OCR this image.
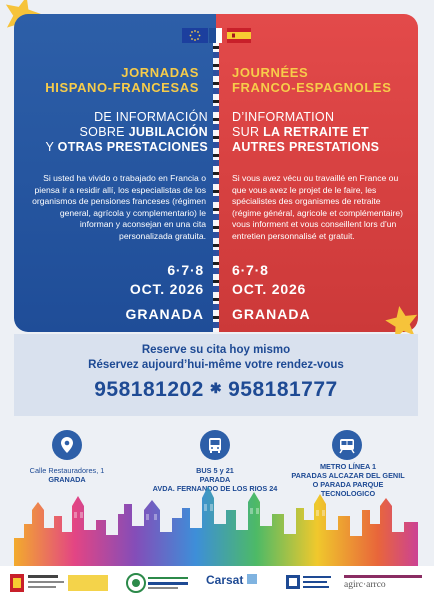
JORNADAS
HISPANO-FRANCESAS
JOURNÉES
FRANCO-ESPAGNOLES
DE INFORMACIÓN
SOBRE JUBILACIÓN
Y OTRAS PRESTACIONES
D’INFORMATION
SUR LA RETRAITE ET
AUTRES PRESTATIONS
Si usted ha vivido o trabajado en Francia o piensa ir a residir allí, los especialistas de los organismos de pensiones franceses (régimen general, agrícola y complementario) le informan y aconsejan en una cita personalizada gratuita.
Si vous avez vécu ou travaillé en France ou que vous avez le projet de le faire, les spécialistes des organismes de retraite (régime général, agricole et complémentaire) vous informent et vous conseillent lors d’un entretien personnalisé et gratuit.
6·7·8
OCT. 2026
6·7·8
OCT. 2026
GRANADA GRANADA
Reserve su cita hoy mismo
Réservez aujourd’hui-même votre rendez-vous
958181202 ✱ 958181777
Calle Restauradores, 1
GRANADA
BUS 5 y 21
PARADA
AVDA. FERNANDO DE LOS RIOS 24
METRO LÍNEA 1
PARADAS ALCAZAR DEL GENIL
O PARADA PARQUE TECNOLOGICO
Carsat	agirc·arrco
